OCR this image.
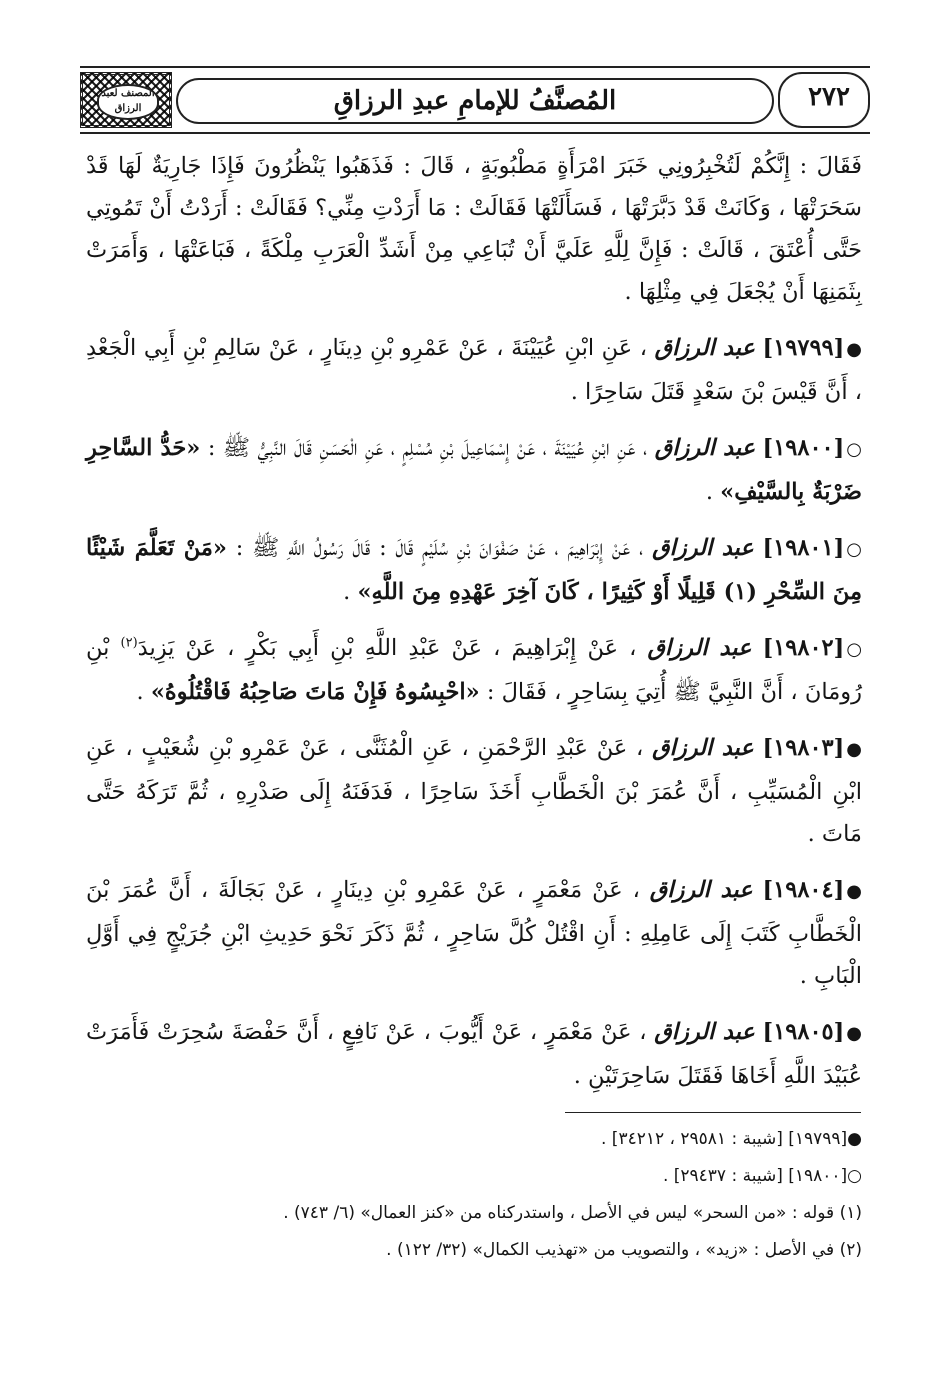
المصنف لعبد الرزاق	المُصنَّفُ للإمامِ عبدِ الرزاقِ	٢٧٢

فَقَالَ : إِنَّكُمْ لَتُخْبِرُونِي خَبَرَ امْرَأَةٍ مَطْبُوبَةٍ ، قَالَ : فَذَهَبُوا يَنْظُرُونَ فَإِذَا جَارِيَةٌ لَهَا قَدْ سَحَرَتْهَا ، وَكَانَتْ قَدْ دَبَّرَتْهَا ، فَسَأَلَتْهَا فَقَالَتْ : مَا أَرَدْتِ مِنِّي؟ فَقَالَتْ : أَرَدْتُ أَنْ تَمُوتِي حَتَّى أُعْتَقَ ، قَالَتْ : فَإِنَّ لِلَّهِ عَلَيَّ أَنْ تُبَاعِي مِنْ أَشَدِّ الْعَرَبِ مِلْكَةً ، فَبَاعَتْهَا ، وَأَمَرَتْ بِثَمَنِهَا أَنْ يُجْعَلَ فِي مِثْلِهَا .

●[١٩٧٩٩] عبد الرزاق ، عَنِ ابْنِ عُيَيْنَةَ ، عَنْ عَمْرِو بْنِ دِينَارٍ ، عَنْ سَالِمِ بْنِ أَبِي الْجَعْدِ ، أَنَّ قَيْسَ بْنَ سَعْدٍ قَتَلَ سَاحِرًا .

○[١٩٨٠٠] عبد الرزاق ، عَنِ ابْنِ عُيَيْنَةَ ، عَنْ إِسْمَاعِيلَ بْنِ مُسْلِمٍ ، عَنِ الْحَسَنِ قَالَ النَّبِيُّ ﷺ : «حَدُّ السَّاحِرِ ضَرْبَةٌ بِالسَّيْفِ» .

○[١٩٨٠١] عبد الرزاق ، عَنْ إِبْرَاهِيمَ ، عَنْ صَفْوَانَ بْنِ سُلَيْمٍ قَالَ : قَالَ رَسُولُ اللَّهِ ﷺ : «مَنْ تَعَلَّمَ شَيْئًا مِنَ السِّحْرِ (١) قَلِيلًا أَوْ كَثِيرًا ، كَانَ آخِرَ عَهْدِهِ مِنَ اللَّهِ» .

○[١٩٨٠٢] عبد الرزاق ، عَنْ إِبْرَاهِيمَ ، عَنْ عَبْدِ اللَّهِ بْنِ أَبِي بَكْرٍ ، عَنْ يَزِيدَ$^{(٢)}$ بْنِ رُومَانَ ، أَنَّ النَّبِيَّ ﷺ أُتِيَ بِسَاحِرٍ ، فَقَالَ : «احْبِسُوهُ فَإِنْ مَاتَ صَاحِبُهُ فَاقْتُلُوهُ» .

●[١٩٨٠٣] عبد الرزاق ، عَنْ عَبْدِ الرَّحْمَنِ ، عَنِ الْمُثَنَّى ، عَنْ عَمْرِو بْنِ شُعَيْبٍ ، عَنِ ابْنِ الْمُسَيِّبِ ، أَنَّ عُمَرَ بْنَ الْخَطَّابِ أَخَذَ سَاحِرًا ، فَدَفَنَهُ إِلَى صَدْرِهِ ، ثُمَّ تَرَكَهُ حَتَّى مَاتَ .

●[١٩٨٠٤] عبد الرزاق ، عَنْ مَعْمَرٍ ، عَنْ عَمْرِو بْنِ دِينَارٍ ، عَنْ بَجَالَةَ ، أَنَّ عُمَرَ بْنَ الْخَطَّابِ كَتَبَ إِلَى عَامِلِهِ : أَنِ اقْتُلْ كُلَّ سَاحِرٍ ، ثُمَّ ذَكَرَ نَحْوَ حَدِيثِ ابْنِ جُرَيْجٍ فِي أَوَّلِ الْبَابِ .

●[١٩٨٠٥] عبد الرزاق ، عَنْ مَعْمَرٍ ، عَنْ أَيُّوبَ ، عَنْ نَافِعٍ ، أَنَّ حَفْصَةَ سُحِرَتْ فَأَمَرَتْ عُبَيْدَ اللَّهِ أَخَاهَا فَقَتَلَ سَاحِرَتَيْنِ .

●[١٩٧٩٩] [شيبة : ٢٩٥٨١ ، ٣٤٢١٢] .

○[١٩٨٠٠] [شيبة : ٢٩٤٣٧] .

(١) قوله : «من السحر» ليس في الأصل ، واستدركناه من «كنز العمال» (٦/ ٧٤٣) .

(٢) في الأصل : «زيد» ، والتصويب من «تهذيب الكمال» (٣٢/ ١٢٢) .
